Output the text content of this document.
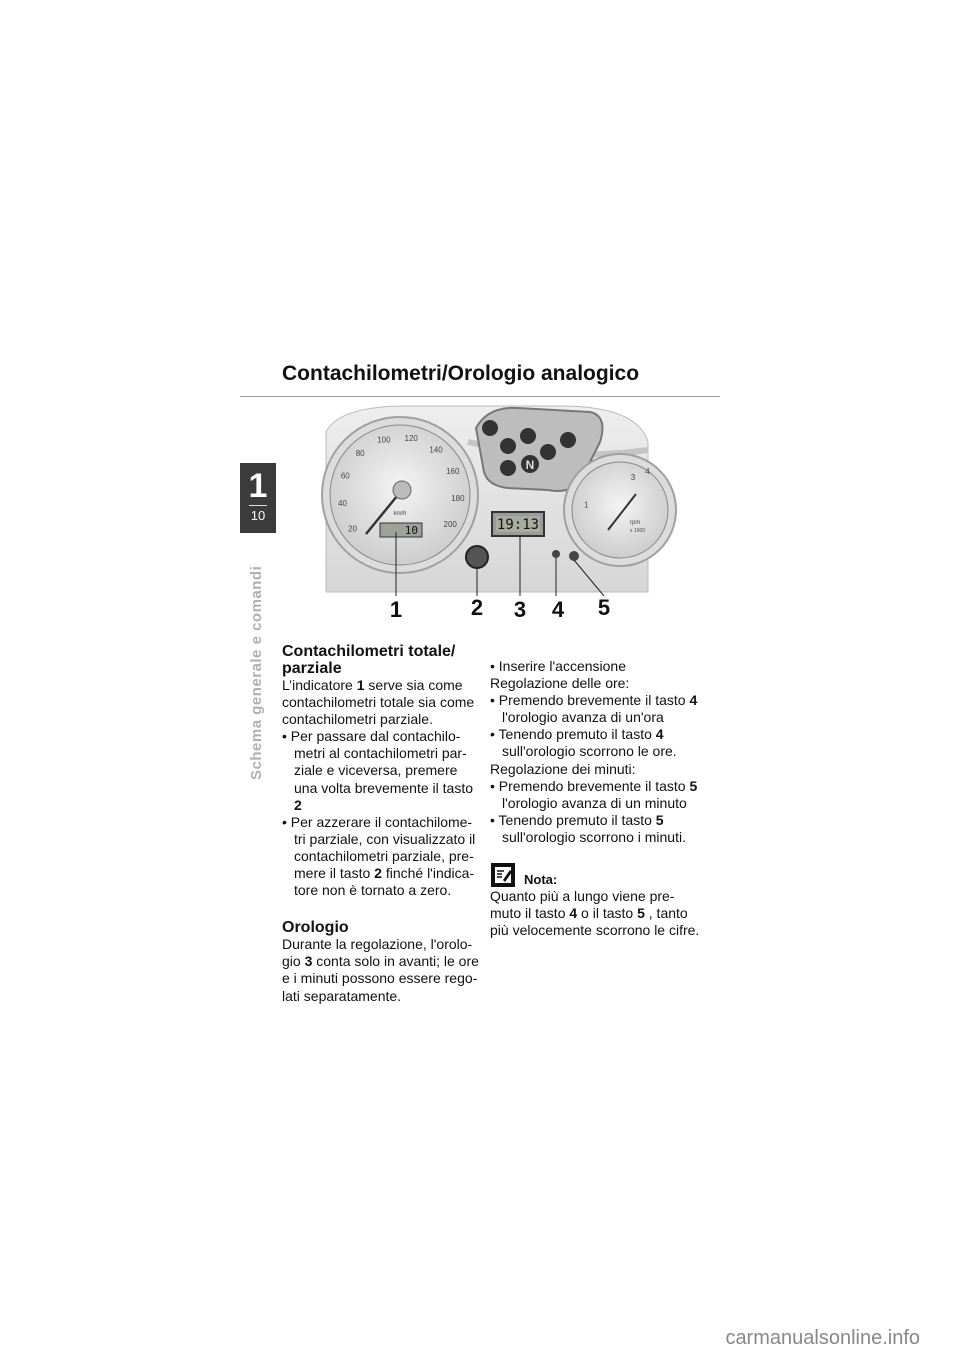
1
10
Schema generale e comandi
Contachilometri/Orologio analogico
20
40
60
80
100 120
140
160
180
200
km/h
10
N
19:13
1
3
4
rpm
x 1000
1	2 3 4 5
Contachilometri totale/
parziale

L’indicatore 1 serve sia come contachilometri totale sia come contachilometri parziale.

• Per passare dal contachilo-metri al contachilometri par-ziale e viceversa, premere una volta brevemente il tasto 2

• Per azzerare il contachilome-tri parziale, con visualizzato il contachilometri parziale, pre-mere il tasto 2 finché l'indica-tore non è tornato a zero.

Orologio

Durante la regolazione, l'orolo-gio 3 conta solo in avanti; le ore e i minuti possono essere rego-lati separatamente.

• Inserire l'accensione

Regolazione delle ore:

• Premendo brevemente il tasto 4 l'orologio avanza di un'ora

• Tenendo premuto il tasto 4 sull'orologio scorrono le ore.

Regolazione dei minuti:

• Premendo brevemente il tasto 5 l'orologio avanza di un minuto

• Tenendo premuto il tasto 5 sull'orologio scorrono i minuti.

Nota:

Quanto più a lungo viene pre-muto il tasto 4 o il tasto 5 , tanto più velocemente scorrono le cifre.

carmanualsonline.info
